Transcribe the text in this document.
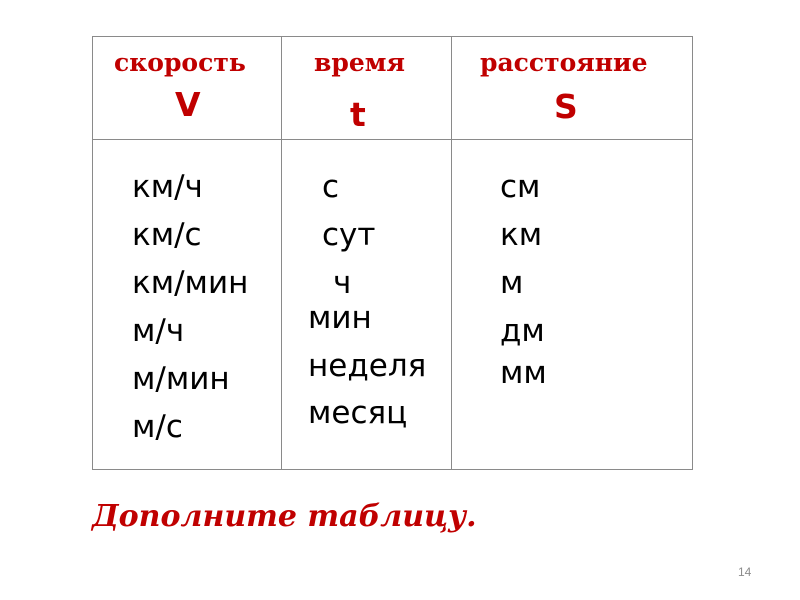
скорость
V
км/ч
км/с
км/мин
м/ч
м/мин
м/с
время
t
с
сут
ч
мин
неделя
месяц
расстояние
S
см
км
м
дм
мм
Дополните таблицу.
14
